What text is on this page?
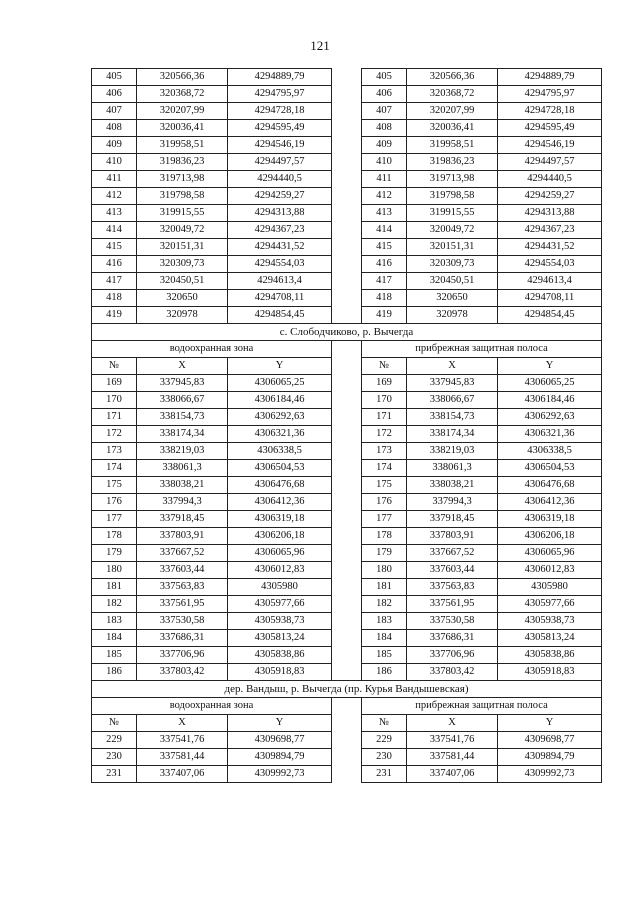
121
405	320566,36	4294889,79		405	320566,36	4294889,79
406	320368,72	4294795,97		406	320368,72	4294795,97
407	320207,99	4294728,18		407	320207,99	4294728,18
408	320036,41	4294595,49		408	320036,41	4294595,49
409	319958,51	4294546,19		409	319958,51	4294546,19
410	319836,23	4294497,57		410	319836,23	4294497,57
411	319713,98	4294440,5		411	319713,98	4294440,5
412	319798,58	4294259,27		412	319798,58	4294259,27
413	319915,55	4294313,88		413	319915,55	4294313,88
414	320049,72	4294367,23		414	320049,72	4294367,23
415	320151,31	4294431,52		415	320151,31	4294431,52
416	320309,73	4294554,03		416	320309,73	4294554,03
417	320450,51	4294613,4		417	320450,51	4294613,4
418	320650	4294708,11		418	320650	4294708,11
419	320978	4294854,45		419	320978	4294854,45
с. Слободчиково, р. Вычегда						
водоохранная зона				прибрежная защитная полоса		
№	X	Y		№	X	Y
169	337945,83	4306065,25		169	337945,83	4306065,25
170	338066,67	4306184,46		170	338066,67	4306184,46
171	338154,73	4306292,63		171	338154,73	4306292,63
172	338174,34	4306321,36		172	338174,34	4306321,36
173	338219,03	4306338,5		173	338219,03	4306338,5
174	338061,3	4306504,53		174	338061,3	4306504,53
175	338038,21	4306476,68		175	338038,21	4306476,68
176	337994,3	4306412,36		176	337994,3	4306412,36
177	337918,45	4306319,18		177	337918,45	4306319,18
178	337803,91	4306206,18		178	337803,91	4306206,18
179	337667,52	4306065,96		179	337667,52	4306065,96
180	337603,44	4306012,83		180	337603,44	4306012,83
181	337563,83	4305980		181	337563,83	4305980
182	337561,95	4305977,66		182	337561,95	4305977,66
183	337530,58	4305938,73		183	337530,58	4305938,73
184	337686,31	4305813,24		184	337686,31	4305813,24
185	337706,96	4305838,86		185	337706,96	4305838,86
186	337803,42	4305918,83		186	337803,42	4305918,83
дер. Вандыш, р. Вычегда (пр. Курья Вандышевская)						
водоохранная зона				прибрежная защитная полоса		
№	X	Y		№	X	Y
229	337541,76	4309698,77		229	337541,76	4309698,77
230	337581,44	4309894,79		230	337581,44	4309894,79
231	337407,06	4309992,73		231	337407,06	4309992,73
